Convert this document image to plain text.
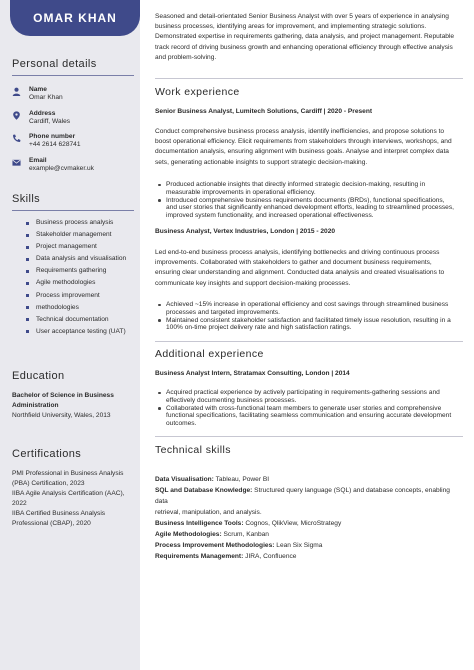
OMAR KHAN
Personal details
Name
Omar Khan
Address
Cardiff, Wales
Phone number
+44 2614 628741
Email
example@cvmaker.uk
Skills
Business process analysis
Stakeholder management
Project management
Data analysis and visualisation
Requirements gathering
Agile methodologies
Process improvement
methodologies
Technical documentation
User acceptance testing (UAT)
Education
Bachelor of Science in Business
Administration
Northfield University, Wales, 2013
Certifications
PMI Professional in Business Analysis
(PBA) Certification, 2023
IIBA Agile Analysis Certification (AAC),
2022
IIBA Certified Business Analysis
Professional (CBAP), 2020
Seasoned and detail-orientated Senior Business Analyst with over 5 years of experience in analysing
business processes, identifying areas for improvement, and implementing strategic solutions.
Demonstrated expertise in requirements gathering, data analysis, and project management. Reputable
track record of driving business growth and enhancing operational efficiency through effective analysis
and problem-solving.
Work experience
Senior Business Analyst, Lumitech Solutions, Cardiff | 2020 - Present
Conduct comprehensive business process analysis, identify inefficiencies, and propose solutions to
boost operational efficiency. Elicit requirements from stakeholders through interviews, workshops, and
documentation analysis, ensuring alignment with business goals. Analyse and interpret complex data
sets, generating actionable insights to support strategic decision-making.
Produced actionable insights that directly informed strategic decision-making, resulting in
measurable improvements in operational efficiency.
Introduced comprehensive business requirements documents (BRDs), functional specifications,
and user stories that significantly enhanced development efforts, leading to streamlined processes,
improved system functionality, and increased operational effectiveness.
Business Analyst, Vertex Industries, London | 2015 - 2020
Led end-to-end business process analysis, identifying bottlenecks and driving continuous process
improvements. Collaborated with stakeholders to gather and document business requirements,
ensuring clear understanding and alignment. Conducted data analysis and created visualisations to
communicate key insights and support decision-making processes.
Achieved ~15% increase in operational efficiency and cost savings through streamlined business
processes and targeted improvements.
Maintained consistent stakeholder satisfaction and facilitated timely issue resolution, resulting in a
100% on-time project delivery rate and high satisfaction ratings.
Additional experience
Business Analyst Intern, Stratamax Consulting, London | 2014
Acquired practical experience by actively participating in requirements-gathering sessions and
effectively documenting business processes.
Collaborated with cross-functional team members to generate user stories and comprehensive
functional specifications, facilitating seamless communication and ensuring accurate development
outcomes.
Technical skills
Data Visualisation: Tableau, Power BI
SQL and Database Knowledge: Structured query language (SQL) and database concepts, enabling data
retrieval, manipulation, and analysis.
Business Intelligence Tools: Cognos, QlikView, MicroStrategy
Agile Methodologies: Scrum, Kanban
Process Improvement Methodologies: Lean Six Sigma
Requirements Management: JIRA, Confluence
